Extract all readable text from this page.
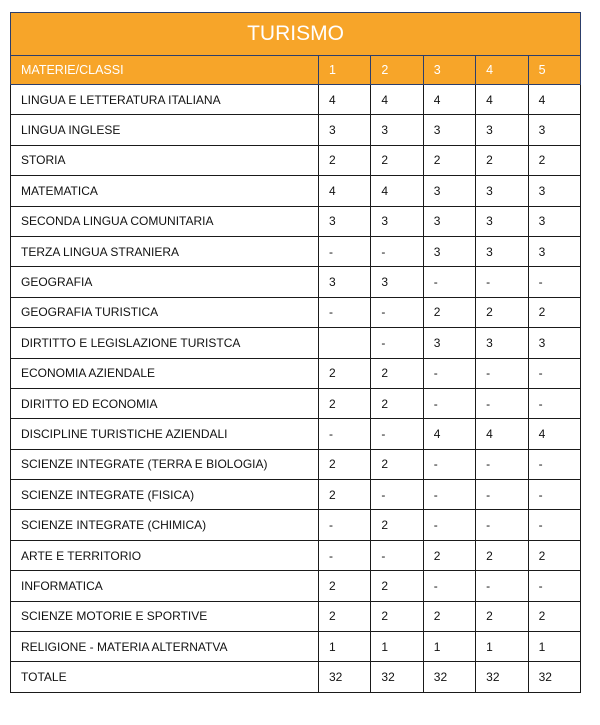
TURISMO					
MATERIE/CLASSI	1	2	3	4	5
LINGUA E LETTERATURA ITALIANA	4	4	4	4	4
LINGUA INGLESE	3	3	3	3	3
STORIA	2	2	2	2	2
MATEMATICA	4	4	3	3	3
SECONDA LINGUA COMUNITARIA	3	3	3	3	3
TERZA LINGUA STRANIERA	-	-	3	3	3
GEOGRAFIA	3	3	-	-	-
GEOGRAFIA TURISTICA	-	-	2	2	2
DIRTITTO E LEGISLAZIONE TURISTCA		-	3	3	3
ECONOMIA AZIENDALE	2	2	-	-	-
DIRITTO ED ECONOMIA	2	2	-	-	-
DISCIPLINE TURISTICHE AZIENDALI	-	-	4	4	4
SCIENZE INTEGRATE (TERRA E BIOLOGIA)	2	2	-	-	-
SCIENZE INTEGRATE (FISICA)	2	-	-	-	-
SCIENZE INTEGRATE (CHIMICA)	-	2	-	-	-
ARTE E TERRITORIO	-	-	2	2	2
INFORMATICA	2	2	-	-	-
SCIENZE MOTORIE E SPORTIVE	2	2	2	2	2
RELIGIONE - MATERIA ALTERNATVA	1	1	1	1	1
TOTALE	32	32	32	32	32
